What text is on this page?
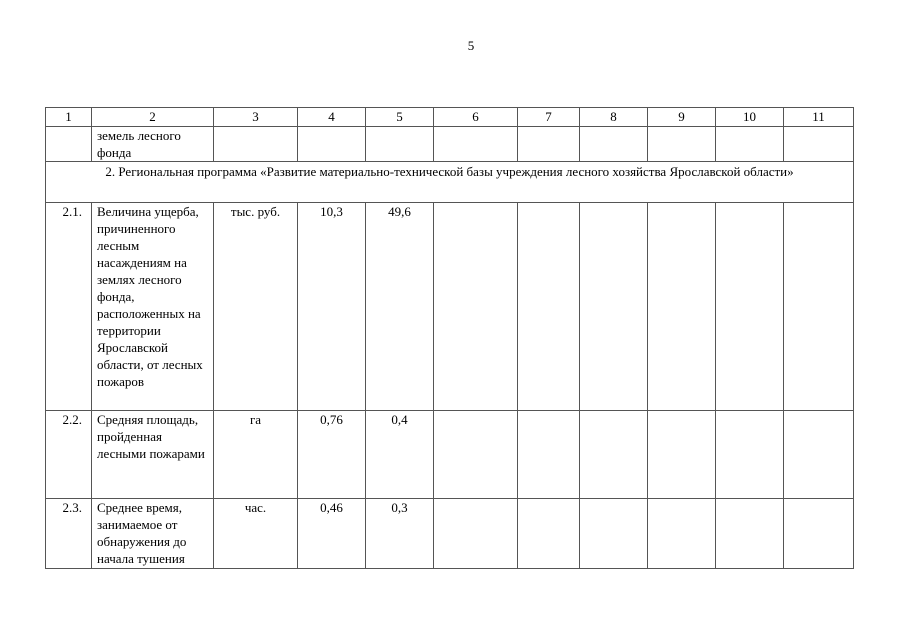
5
1	2	3	4	5	6	7	8	9	10	11
	земель лесного фонда									
2. Региональная программа «Развитие материально-технической базы учреждения лесного хозяйства Ярославской области»										
2.1.	Величина ущерба, причиненного лесным насаждениям на землях лесного фонда, расположенных на территории Ярославской области, от лесных пожаров	тыс. руб.	10,3	49,6						
2.2.	Средняя площадь, пройденная лесными пожарами	га	0,76	0,4						
2.3.	Среднее время, занимаемое от обнаружения до начала тушения	час.	0,46	0,3						
